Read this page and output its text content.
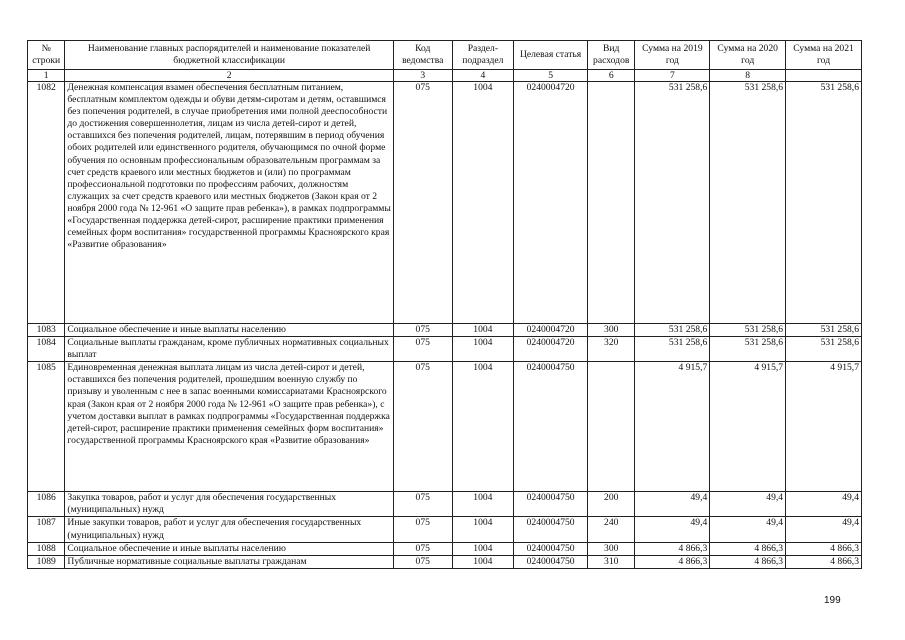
№ строки	Наименование главных распорядителей и наименование показателей бюджетной классификации	Код ведомства	Раздел-подраздел	Целевая статья	Вид расходов	Сумма на 2019 год	Сумма на 2020 год	Сумма на 2021 год
1	2	3	4	5	6	7	8	
1082	Денежная компенсация взамен обеспечения бесплатным питанием, бесплатным комплектом одежды и обуви детям-сиротам и детям, оставшимся без попечения родителей, в случае приобретения ими полной дееспособности до достижения совершеннолетия, лицам из числа детей-сирот и детей, оставшихся без попечения родителей, лицам, потерявшим в период обучения обоих родителей или единственного родителя, обучающимся по очной форме обучения по основным профессиональным образовательным программам за счет средств краевого или местных бюджетов и (или) по программам профессиональной подготовки по профессиям рабочих, должностям служащих за счет средств краевого или местных бюджетов (Закон края от 2 ноября 2000 года № 12-961 «О защите прав ребенка»), в рамках подпрограммы «Государственная поддержка детей-сирот, расширение практики применения семейных форм воспитания» государственной программы Красноярского края «Развитие образования»	075	1004	0240004720		531 258,6	531 258,6	531 258,6
1083	Социальное обеспечение и иные выплаты населению	075	1004	0240004720	300	531 258,6	531 258,6	531 258,6
1084	Социальные выплаты гражданам, кроме публичных нормативных социальных выплат	075	1004	0240004720	320	531 258,6	531 258,6	531 258,6
1085	Единовременная денежная выплата лицам из числа детей-сирот и детей, оставшихся без попечения родителей, прошедшим военную службу по призыву и уволенным с нее в запас военными комиссариатами Красноярского края (Закон края от 2 ноября 2000 года № 12-961 «О защите прав ребенка»), с учетом доставки выплат в рамках подпрограммы «Государственная поддержка детей-сирот, расширение практики применения семейных форм воспитания» государственной программы Красноярского края «Развитие образования»	075	1004	0240004750		4 915,7	4 915,7	4 915,7
1086	Закупка товаров, работ и услуг для обеспечения государственных (муниципальных) нужд	075	1004	0240004750	200	49,4	49,4	49,4
1087	Иные закупки товаров, работ и услуг для обеспечения государственных (муниципальных) нужд	075	1004	0240004750	240	49,4	49,4	49,4
1088	Социальное обеспечение и иные выплаты населению	075	1004	0240004750	300	4 866,3	4 866,3	4 866,3
1089	Публичные нормативные социальные выплаты гражданам	075	1004	0240004750	310	4 866,3	4 866,3	4 866,3
199
